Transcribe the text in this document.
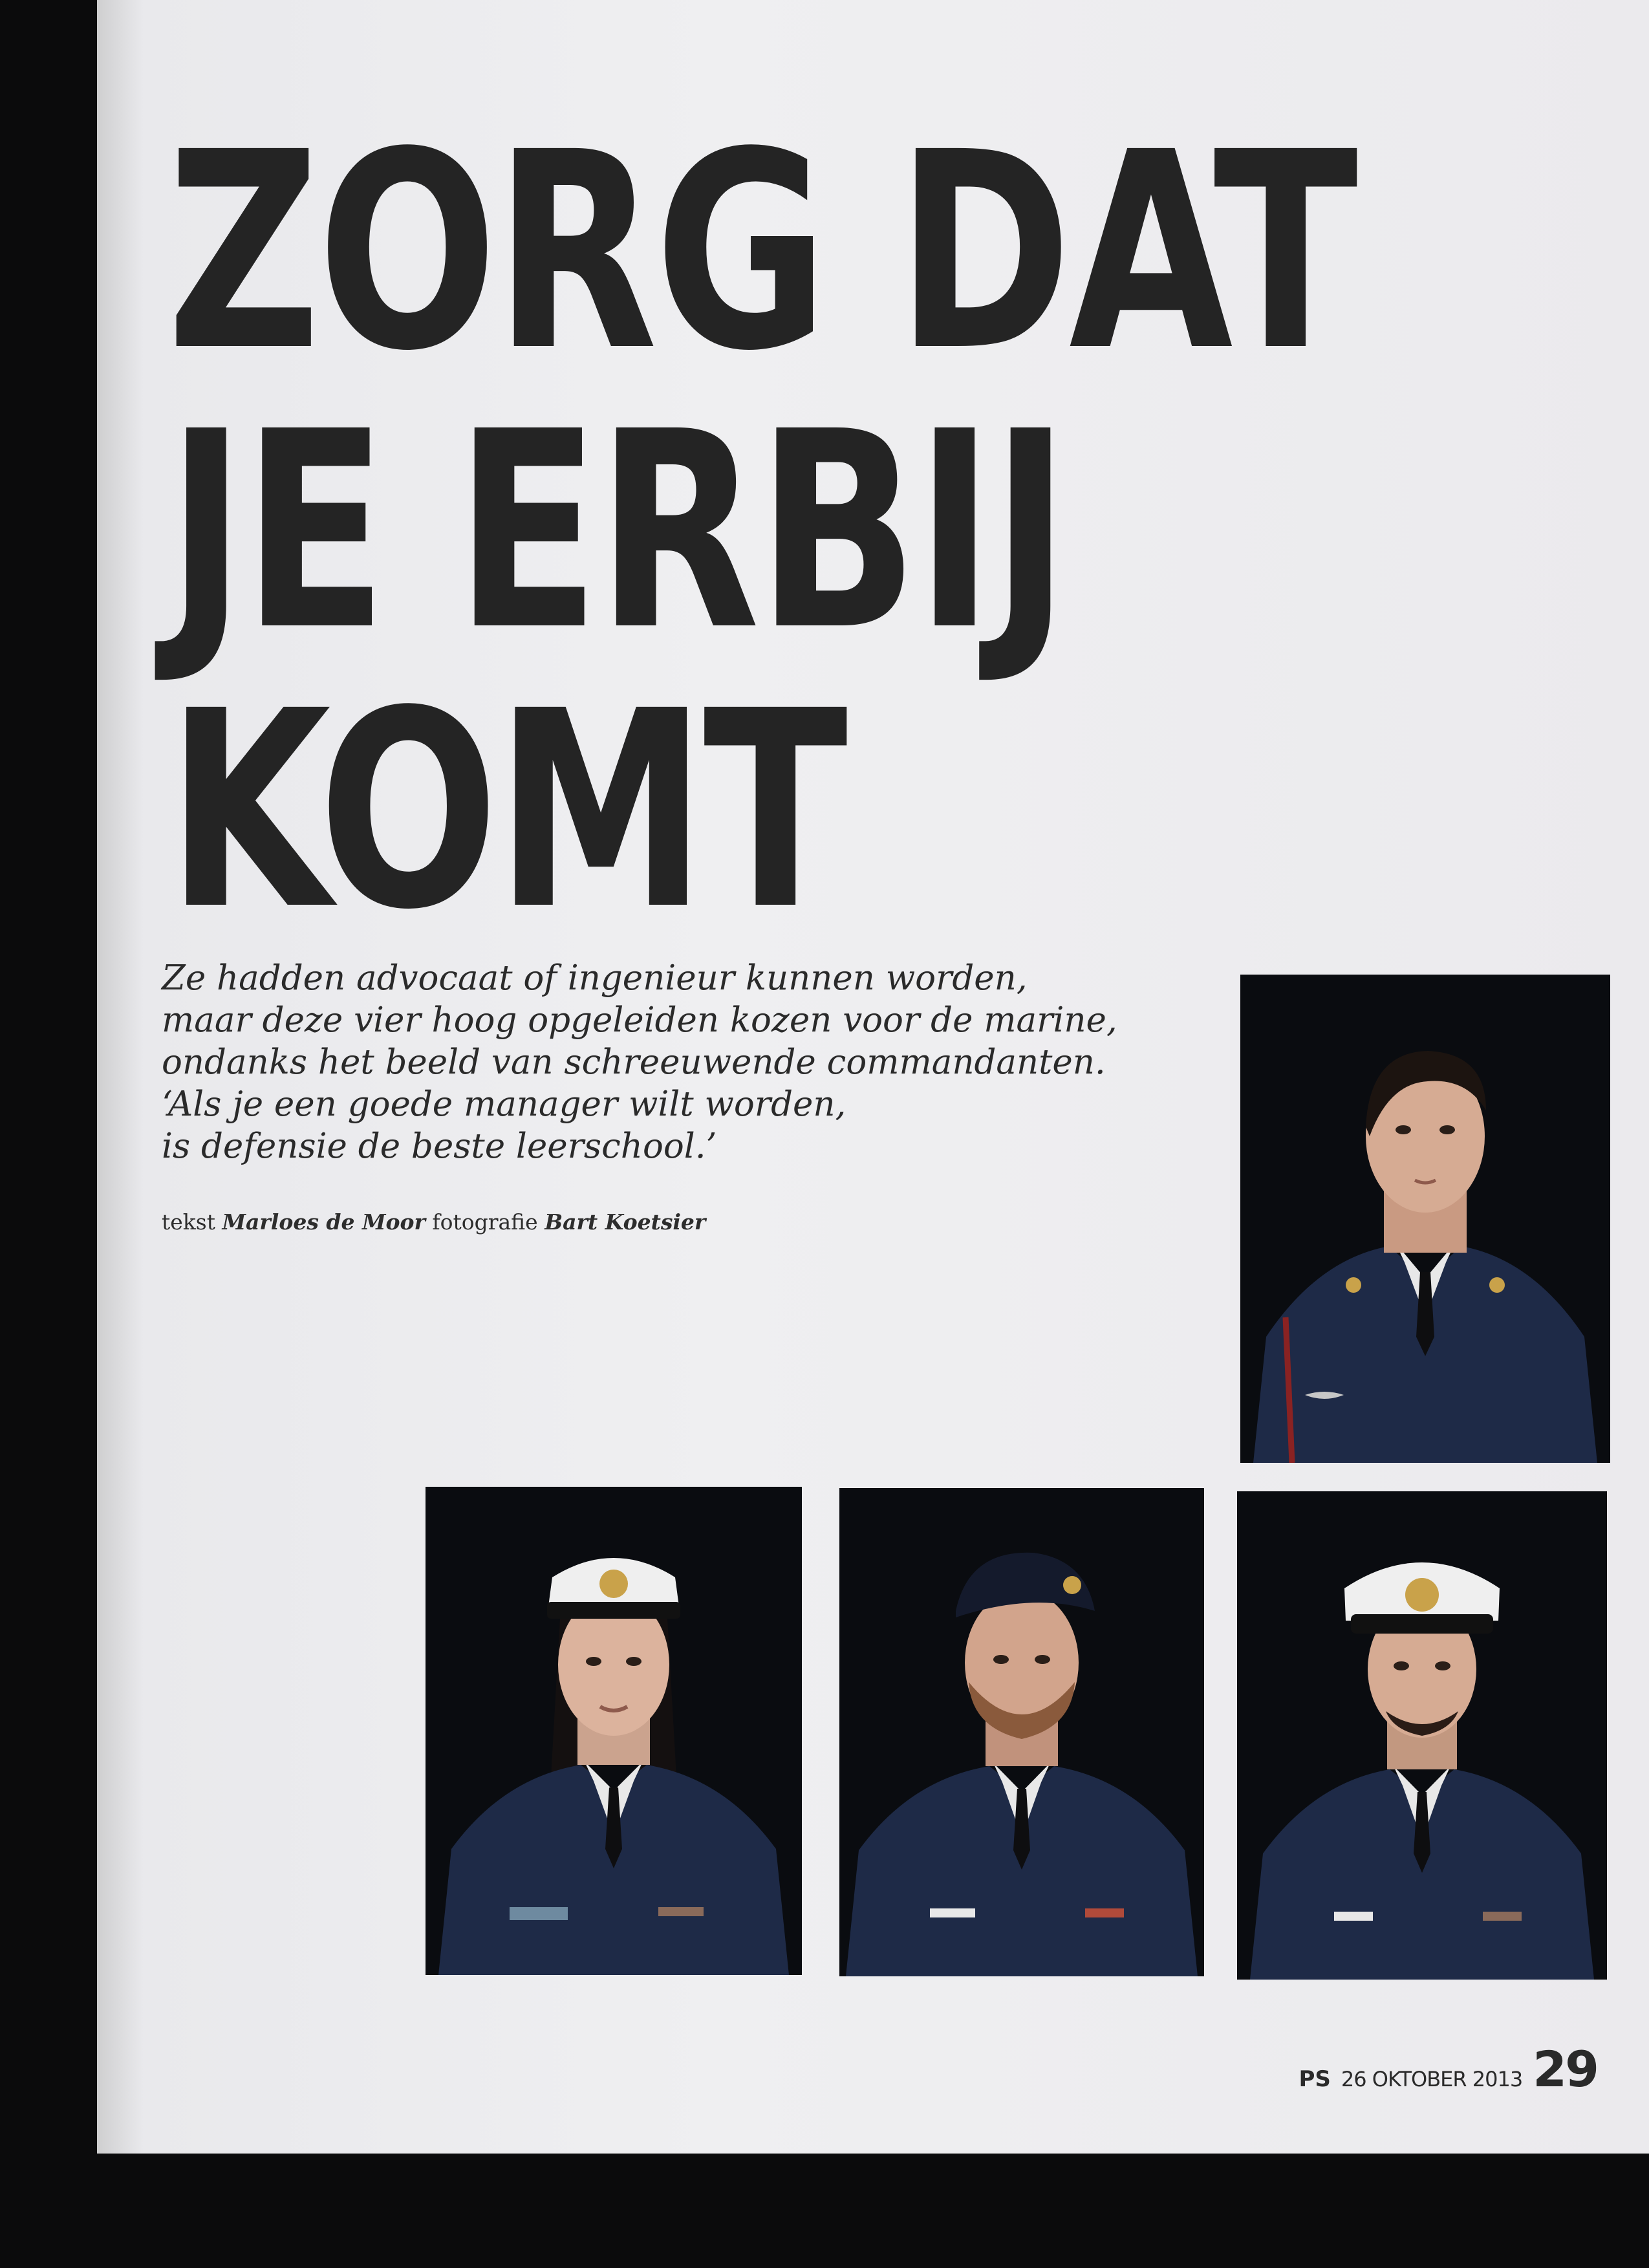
ZORG DAT
JE ERBIJ
KOMT

Ze hadden advocaat of ingenieur kunnen worden,
maar deze vier hoog opgeleiden kozen voor de marine,
ondanks het beeld van schreeuwende commandanten.
‘Als je een goede manager wilt worden,
is defensie de beste leerschool.’

tekst Marloes de Moor fotografie Bart Koetsier
PS 26 OKTOBER 2013 29
